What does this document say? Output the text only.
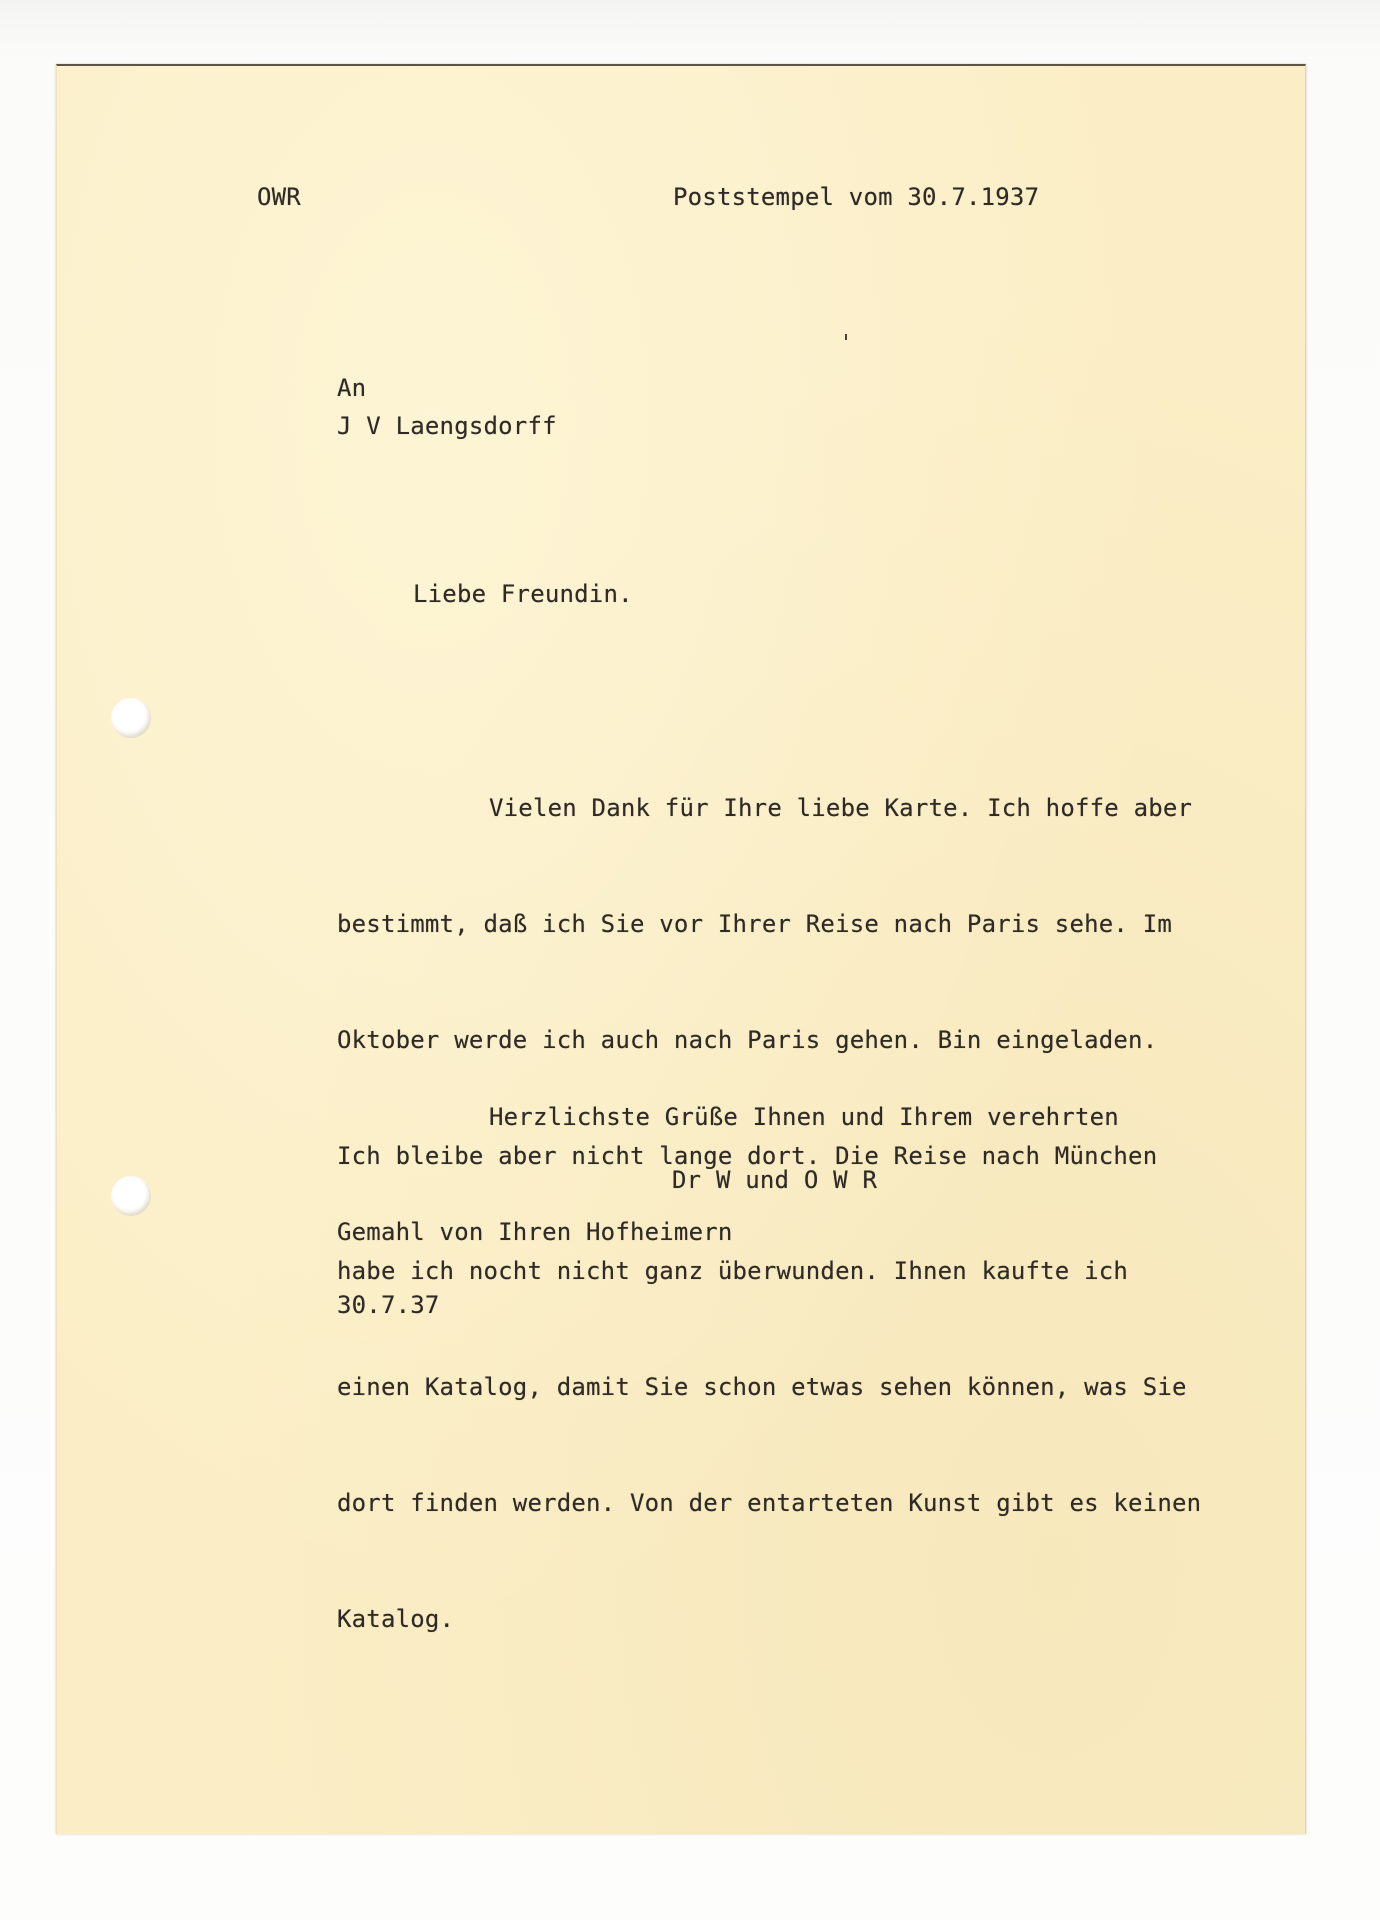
OWR	Poststempel vom 30.7.1937
An
J V Laengsdorff
Liebe Freundin.

Vielen Dank für Ihre liebe Karte. Ich hoffe aber

bestimmt, daß ich Sie vor Ihrer Reise nach Paris sehe. Im

Oktober werde ich auch nach Paris gehen. Bin eingeladen.

Ich bleibe aber nicht lange dort. Die Reise nach München

habe ich nocht nicht ganz überwunden. Ihnen kaufte ich

einen Katalog, damit Sie schon etwas sehen können, was Sie

dort finden werden. Von der entarteten Kunst gibt es keinen

Katalog.

Herzlichste Grüße Ihnen und Ihrem verehrten

Gemahl von Ihren Hofheimern

Dr W und O W R
30.7.37
